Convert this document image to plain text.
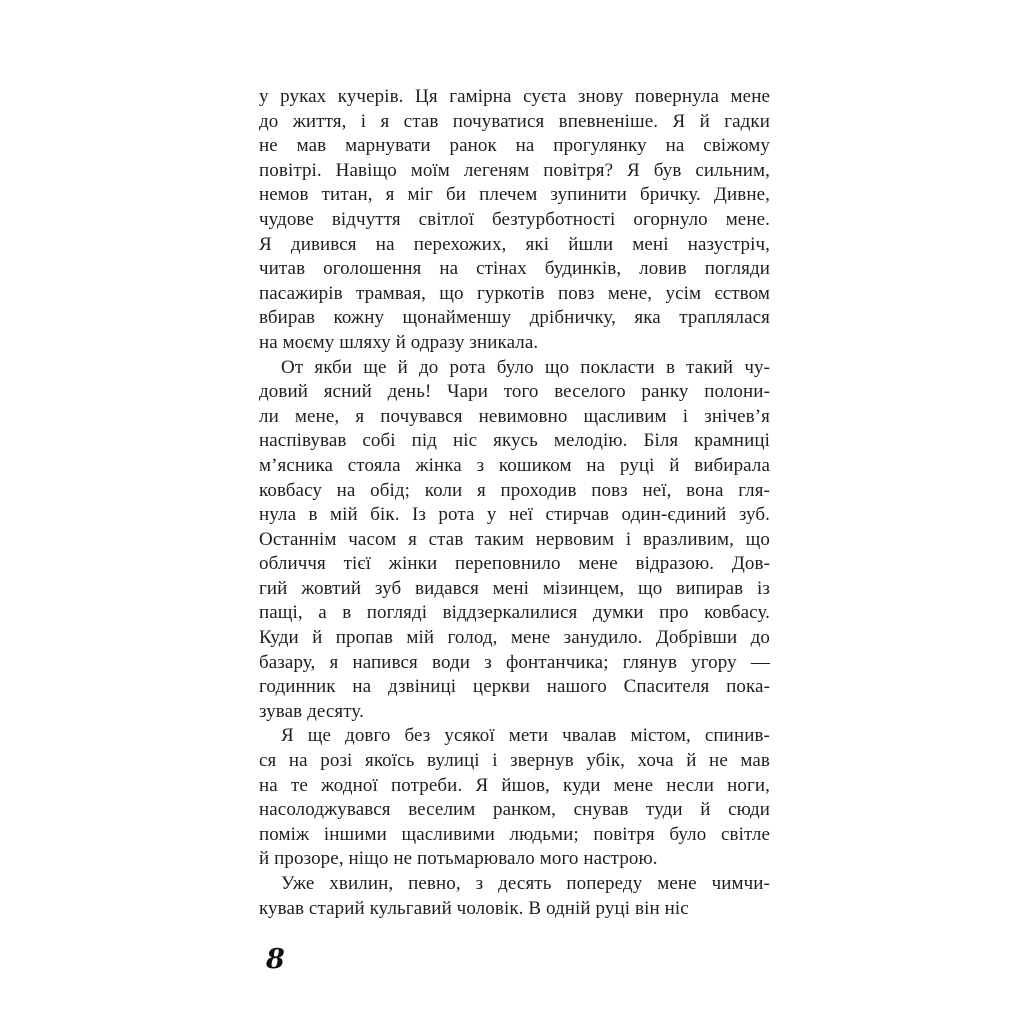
у руках кучерів. Ця гамірна суєта знову повернула мене
до життя, і я став почуватися впевненіше. Я й гадки
не мав марнувати ранок на прогулянку на свіжому
повітрі. Навіщо моїм легеням повітря? Я був сильним,
немов титан, я міг би плечем зупинити бричку. Дивне,
чудове відчуття світлої безтурботності огорнуло мене.
Я дивився на перехожих, які йшли мені назустріч,
читав оголошення на стінах будинків, ловив погляди
пасажирів трамвая, що гуркотів повз мене, усім єством
вбирав кожну щонайменшу дрібничку, яка траплялася
на моєму шляху й одразу зникала.
От якби ще й до рота було що покласти в такий чу-
довий ясний день! Чари того веселого ранку полони-
ли мене, я почувався невимовно щасливим і знічев’я
наспівував собі під ніс якусь мелодію. Біля крамниці
м’ясника стояла жінка з кошиком на руці й вибирала
ковбасу на обід; коли я проходив повз неї, вона гля-
нула в мій бік. Із рота у неї стирчав один-єдиний зуб.
Останнім часом я став таким нервовим і вразливим, що
обличчя тієї жінки переповнило мене відразою. Дов-
гий жовтий зуб видався мені мізинцем, що випирав із
пащі, а в погляді віддзеркалилися думки про ковбасу.
Куди й пропав мій голод, мене занудило. Добрівши до
базару, я напився води з фонтанчика; глянув угору —
годинник на дзвіниці церкви нашого Спасителя пока-
зував десяту.
Я ще довго без усякої мети чвалав містом, спинив-
ся на розі якоїсь вулиці і звернув убік, хоча й не мав
на те жодної потреби. Я йшов, куди мене несли ноги,
насолоджувався веселим ранком, снував туди й сюди
поміж іншими щасливими людьми; повітря було світле
й прозоре, ніщо не потьмарювало мого настрою.
Уже хвилин, певно, з десять попереду мене чимчи-
кував старий кульгавий чоловік. В одній руці він ніс
8
